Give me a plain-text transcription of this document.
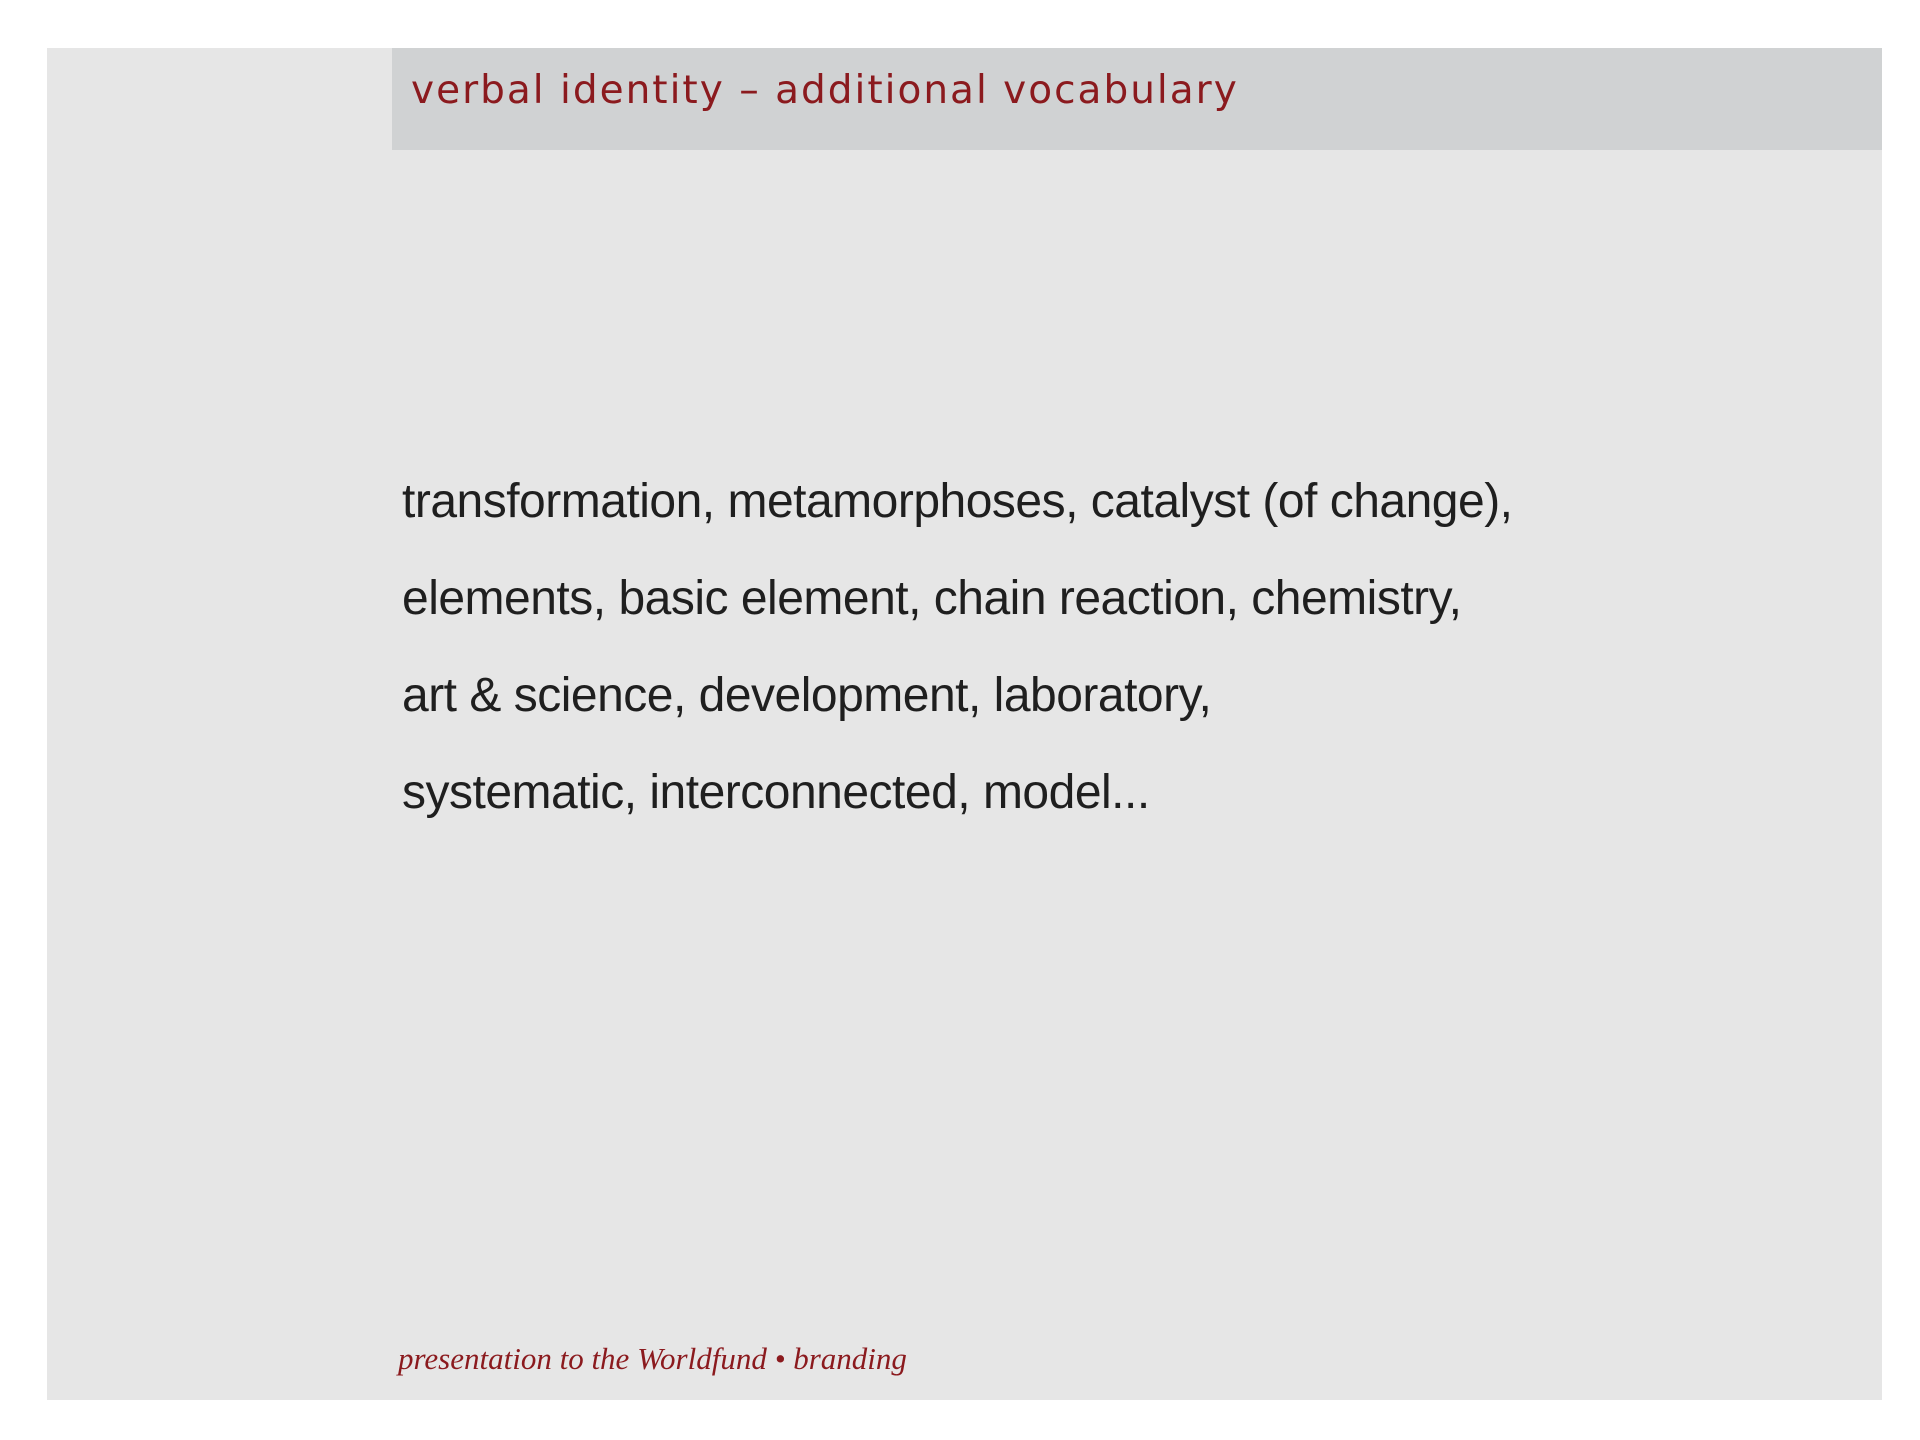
verbal identity – additional vocabulary
transformation, metamorphoses, catalyst (of change),
elements, basic element, chain reaction, chemistry,
art & science, development, laboratory,
systematic, interconnected, model...
presentation to the Worldfund • branding
